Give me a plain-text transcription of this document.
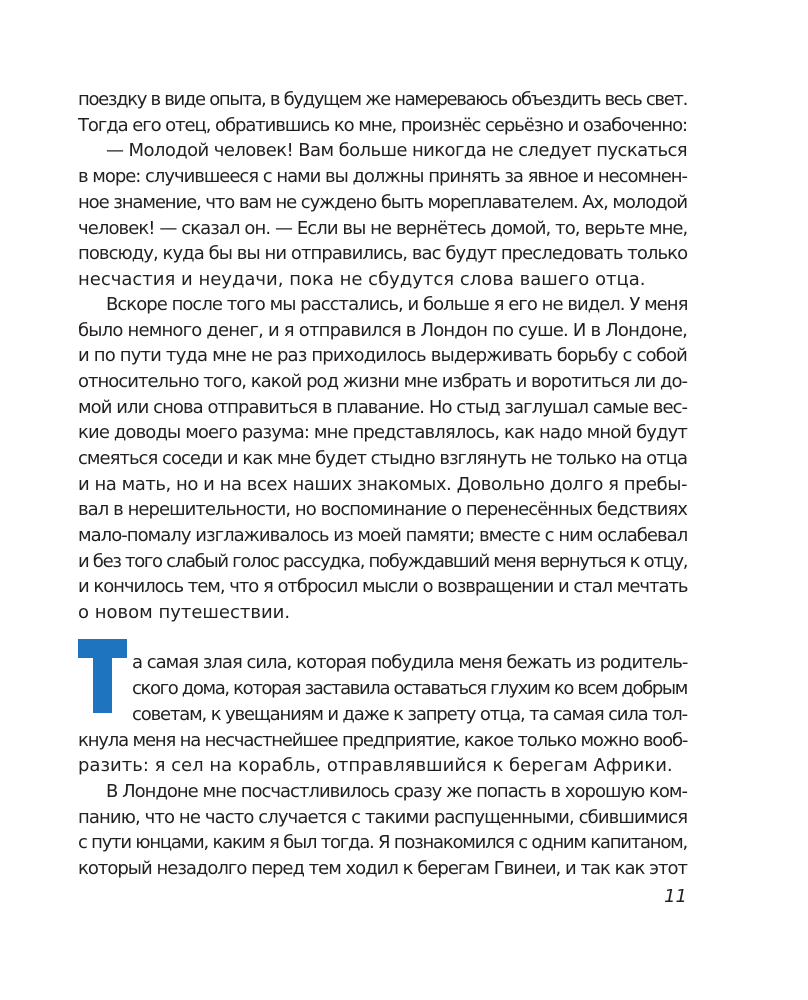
поездку в виде опыта, в будущем же намереваюсь объездить весь свет.

Тогда его отец, обратившись ко мне, произнёс серьёзно и озабоченно:

— Молодой человек! Вам больше никогда не следует пускаться

в море: случившееся с нами вы должны принять за явное и несомнен-

ное знамение, что вам не суждено быть мореплавателем. Ах, молодой

человек! — сказал он. — Если вы не вернётесь домой, то, верьте мне,

повсюду, куда бы вы ни отправились, вас будут преследовать только

несчастия и неудачи, пока не сбудутся слова вашего отца.

Вскоре после того мы расстались, и больше я его не видел. У меня

было немного денег, и я отправился в Лондон по суше. И в Лондоне,

и по пути туда мне не раз приходилось выдерживать борьбу с собой

относительно того, какой род жизни мне избрать и воротиться ли до-

мой или снова отправиться в плавание. Но стыд заглушал самые вес-

кие доводы моего разума: мне представлялось, как надо мной будут

смеяться соседи и как мне будет стыдно взглянуть не только на отца

и на мать, но и на всех наших знакомых. Довольно долго я пребы-

вал в нерешительности, но воспоминание о перенесённых бедствиях

мало-помалу изглаживалось из моей памяти; вместе с ним ослабевал

и без того слабый голос рассудка, побуждавший меня вернуться к отцу,

и кончилось тем, что я отбросил мысли о возвращении и стал мечтать

о новом путешествии.

Т

а самая злая сила, которая побудила меня бежать из родитель-

ского дома, которая заставила оставаться глухим ко всем добрым

советам, к увещаниям и даже к запрету отца, та самая сила тол-

кнула меня на несчастнейшее предприятие, какое только можно вооб-

разить: я сел на корабль, отправлявшийся к берегам Африки.

В Лондоне мне посчастливилось сразу же попасть в хорошую ком-

панию, что не часто случается с такими распущенными, сбившимися

с пути юнцами, каким я был тогда. Я познакомился с одним капитаном,

который незадолго перед тем ходил к берегам Гвинеи, и так как этот

11
